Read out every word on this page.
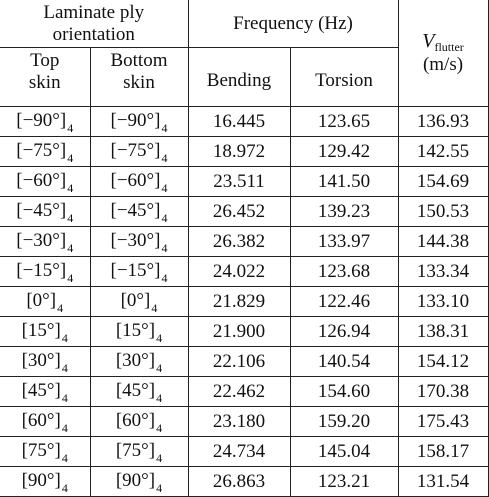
Laminate ply
orientation		Frequency (Hz)		$V_{flutter}$
(m/s)
Top
skin	Bottom
skin	Bending	Torsion	
$[-90^\circ]_4$	$[-90^\circ]_4$	16.445	123.65	136.93
$[-75^\circ]_4$	$[-75^\circ]_4$	18.972	129.42	142.55
$[-60^\circ]_4$	$[-60^\circ]_4$	23.511	141.50	154.69
$[-45^\circ]_4$	$[-45^\circ]_4$	26.452	139.23	150.53
$[-30^\circ]_4$	$[-30^\circ]_4$	26.382	133.97	144.38
$[-15^\circ]_4$	$[-15^\circ]_4$	24.022	123.68	133.34
$[0^\circ]_4$	$[0^\circ]_4$	21.829	122.46	133.10
$[15^\circ]_4$	$[15^\circ]_4$	21.900	126.94	138.31
$[30^\circ]_4$	$[30^\circ]_4$	22.106	140.54	154.12
$[45^\circ]_4$	$[45^\circ]_4$	22.462	154.60	170.38
$[60^\circ]_4$	$[60^\circ]_4$	23.180	159.20	175.43
$[75^\circ]_4$	$[75^\circ]_4$	24.734	145.04	158.17
$[90^\circ]_4$	$[90^\circ]_4$	26.863	123.21	131.54
